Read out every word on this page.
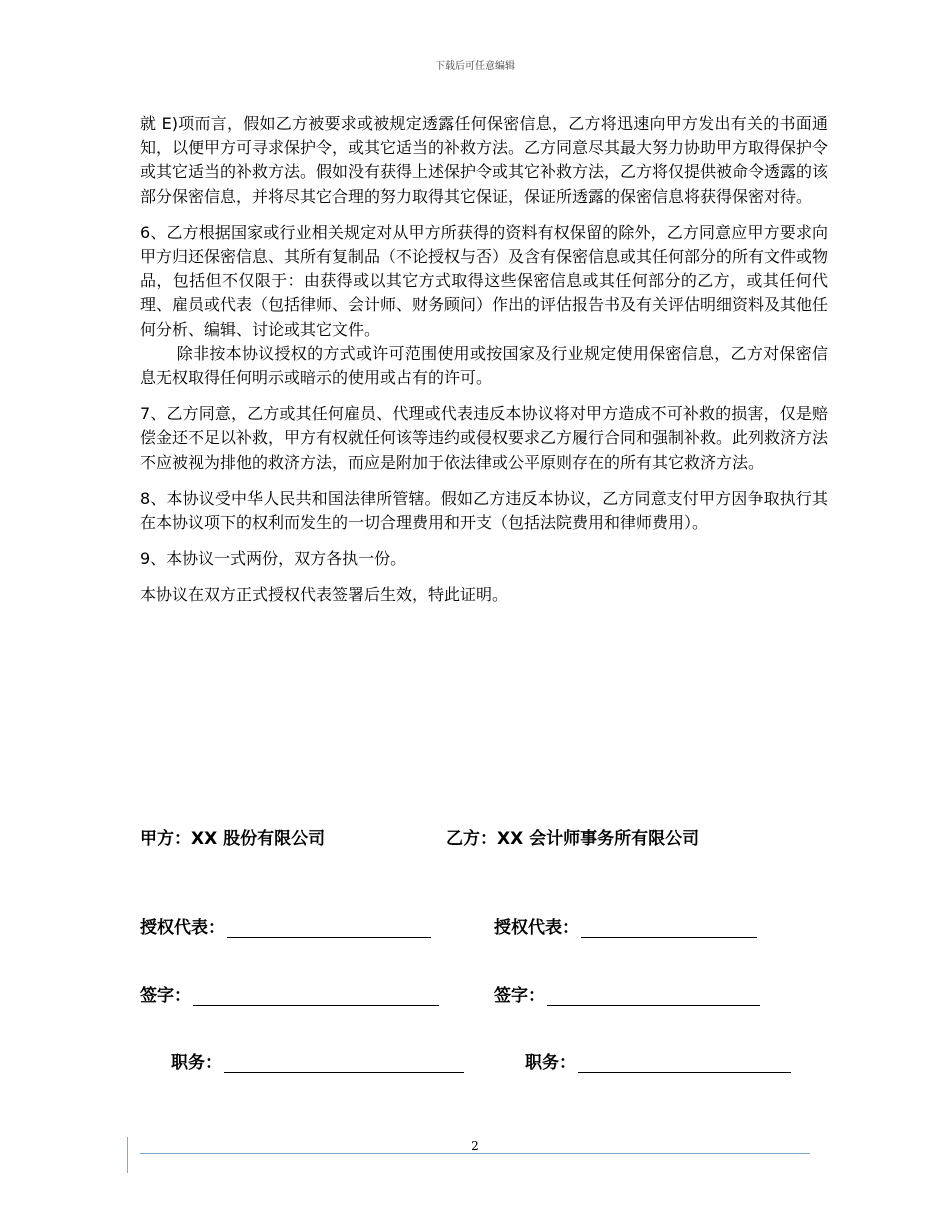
下载后可任意编辑

就 E)项而言，假如乙方被要求或被规定透露任何保密信息，乙方将迅速向甲方发出有关的书面通知，以便甲方可寻求保护令，或其它适当的补救方法。乙方同意尽其最大努力协助甲方取得保护令或其它适当的补救方法。假如没有获得上述保护令或其它补救方法，乙方将仅提供被命令透露的该部分保密信息，并将尽其它合理的努力取得其它保证，保证所透露的保密信息将获得保密对待。

6、乙方根据国家或行业相关规定对从甲方所获得的资料有权保留的除外，乙方同意应甲方要求向甲方归还保密信息、其所有复制品（不论授权与否）及含有保密信息或其任何部分的所有文件或物品，包括但不仅限于：由获得或以其它方式取得这些保密信息或其任何部分的乙方，或其任何代理、雇员或代表（包括律师、会计师、财务顾问）作出的评估报告书及有关评估明细资料及其他任何分析、编辑、讨论或其它文件。

除非按本协议授权的方式或许可范围使用或按国家及行业规定使用保密信息，乙方对保密信息无权取得任何明示或暗示的使用或占有的许可。

7、乙方同意，乙方或其任何雇员、代理或代表违反本协议将对甲方造成不可补救的损害，仅是赔偿金还不足以补救，甲方有权就任何该等违约或侵权要求乙方履行合同和强制补救。此列救济方法不应被视为排他的救济方法，而应是附加于依法律或公平原则存在的所有其它救济方法。

8、本协议受中华人民共和国法律所管辖。假如乙方违反本协议，乙方同意支付甲方因争取执行其在本协议项下的权利而发生的一切合理费用和开支（包括法院费用和律师费用）。

9、本协议一式两份，双方各执一份。

本协议在双方正式授权代表签署后生效，特此证明。

甲方：XX 股份有限公司	乙方：XX 会计师事务所有限公司
授权代表：	授权代表：
签字：	签字：
职务：	职务：
2
